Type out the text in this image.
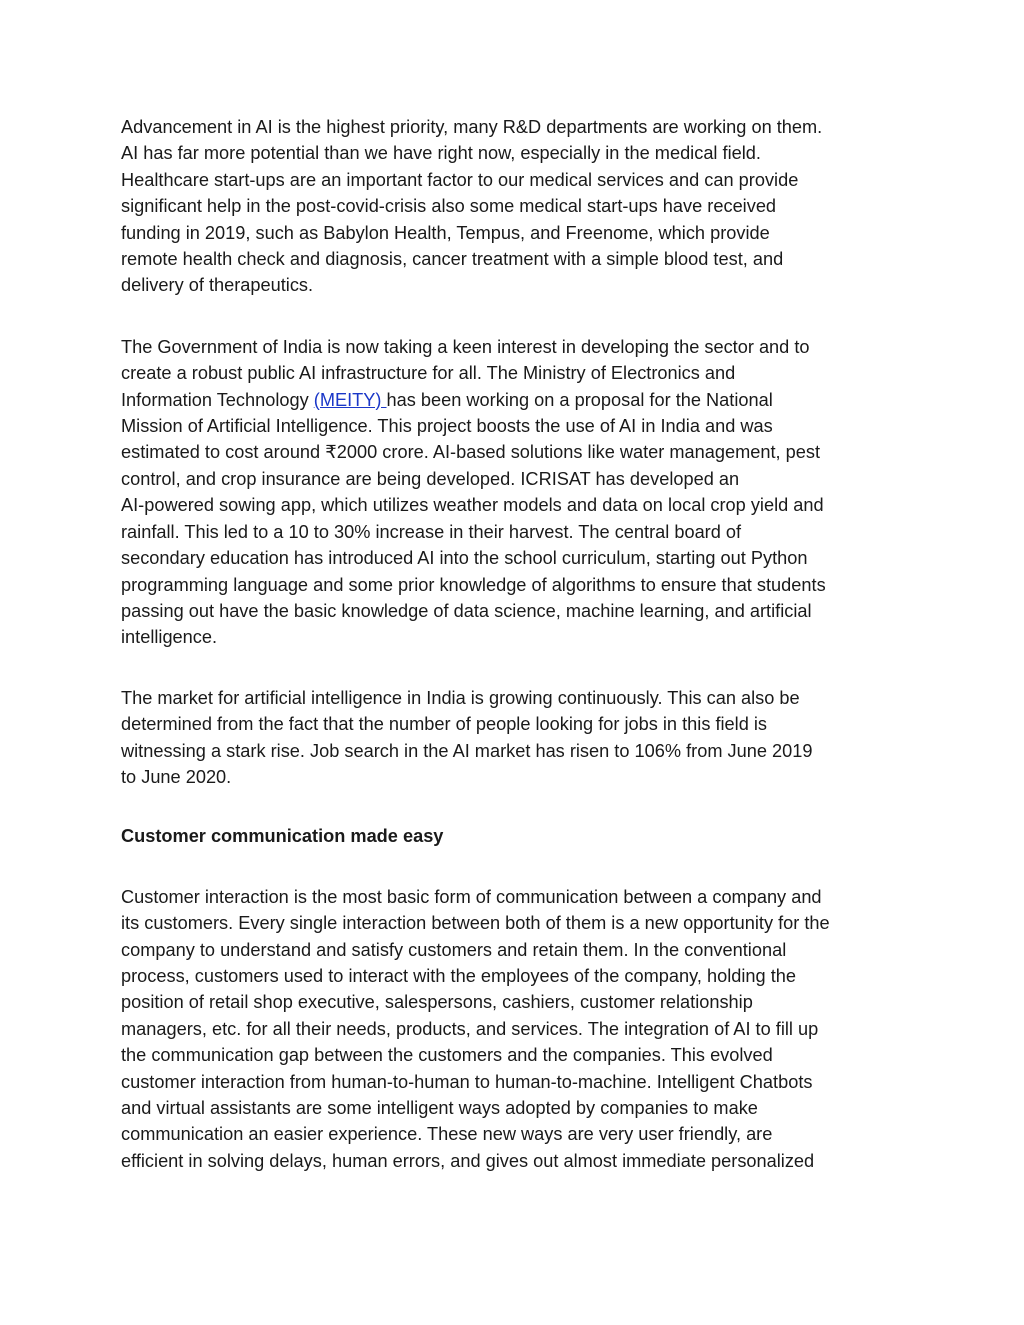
Advancement in AI is the highest priority, many R&D departments are working on them.
AI has far more potential than we have right now, especially in the medical field.
Healthcare start-ups are an important factor to our medical services and can provide
significant help in the post-covid-crisis also some medical start-ups have received
funding in 2019, such as Babylon Health, Tempus, and Freenome, which provide
remote health check and diagnosis, cancer treatment with a simple blood test, and
delivery of therapeutics.

The Government of India is now taking a keen interest in developing the sector and to
create a robust public AI infrastructure for all. The Ministry of Electronics and
Information Technology (MEITY) has been working on a proposal for the National
Mission of Artificial Intelligence. This project boosts the use of AI in India and was
estimated to cost around ₹2000 crore. AI-based solutions like water management, pest
control, and crop insurance are being developed. ICRISAT has developed an
AI-powered sowing app, which utilizes weather models and data on local crop yield and
rainfall. This led to a 10 to 30% increase in their harvest. The central board of
secondary education has introduced AI into the school curriculum, starting out Python
programming language and some prior knowledge of algorithms to ensure that students
passing out have the basic knowledge of data science, machine learning, and artificial
intelligence.

The market for artificial intelligence in India is growing continuously. This can also be
determined from the fact that the number of people looking for jobs in this field is
witnessing a stark rise. Job search in the AI market has risen to 106% from June 2019
to June 2020.

Customer communication made easy

Customer interaction is the most basic form of communication between a company and
its customers. Every single interaction between both of them is a new opportunity for the
company to understand and satisfy customers and retain them. In the conventional
process, customers used to interact with the employees of the company, holding the
position of retail shop executive, salespersons, cashiers, customer relationship
managers, etc. for all their needs, products, and services. The integration of AI to fill up
the communication gap between the customers and the companies. This evolved
customer interaction from human-to-human to human-to-machine. Intelligent Chatbots
and virtual assistants are some intelligent ways adopted by companies to make
communication an easier experience. These new ways are very user friendly, are
efficient in solving delays, human errors, and gives out almost immediate personalized
